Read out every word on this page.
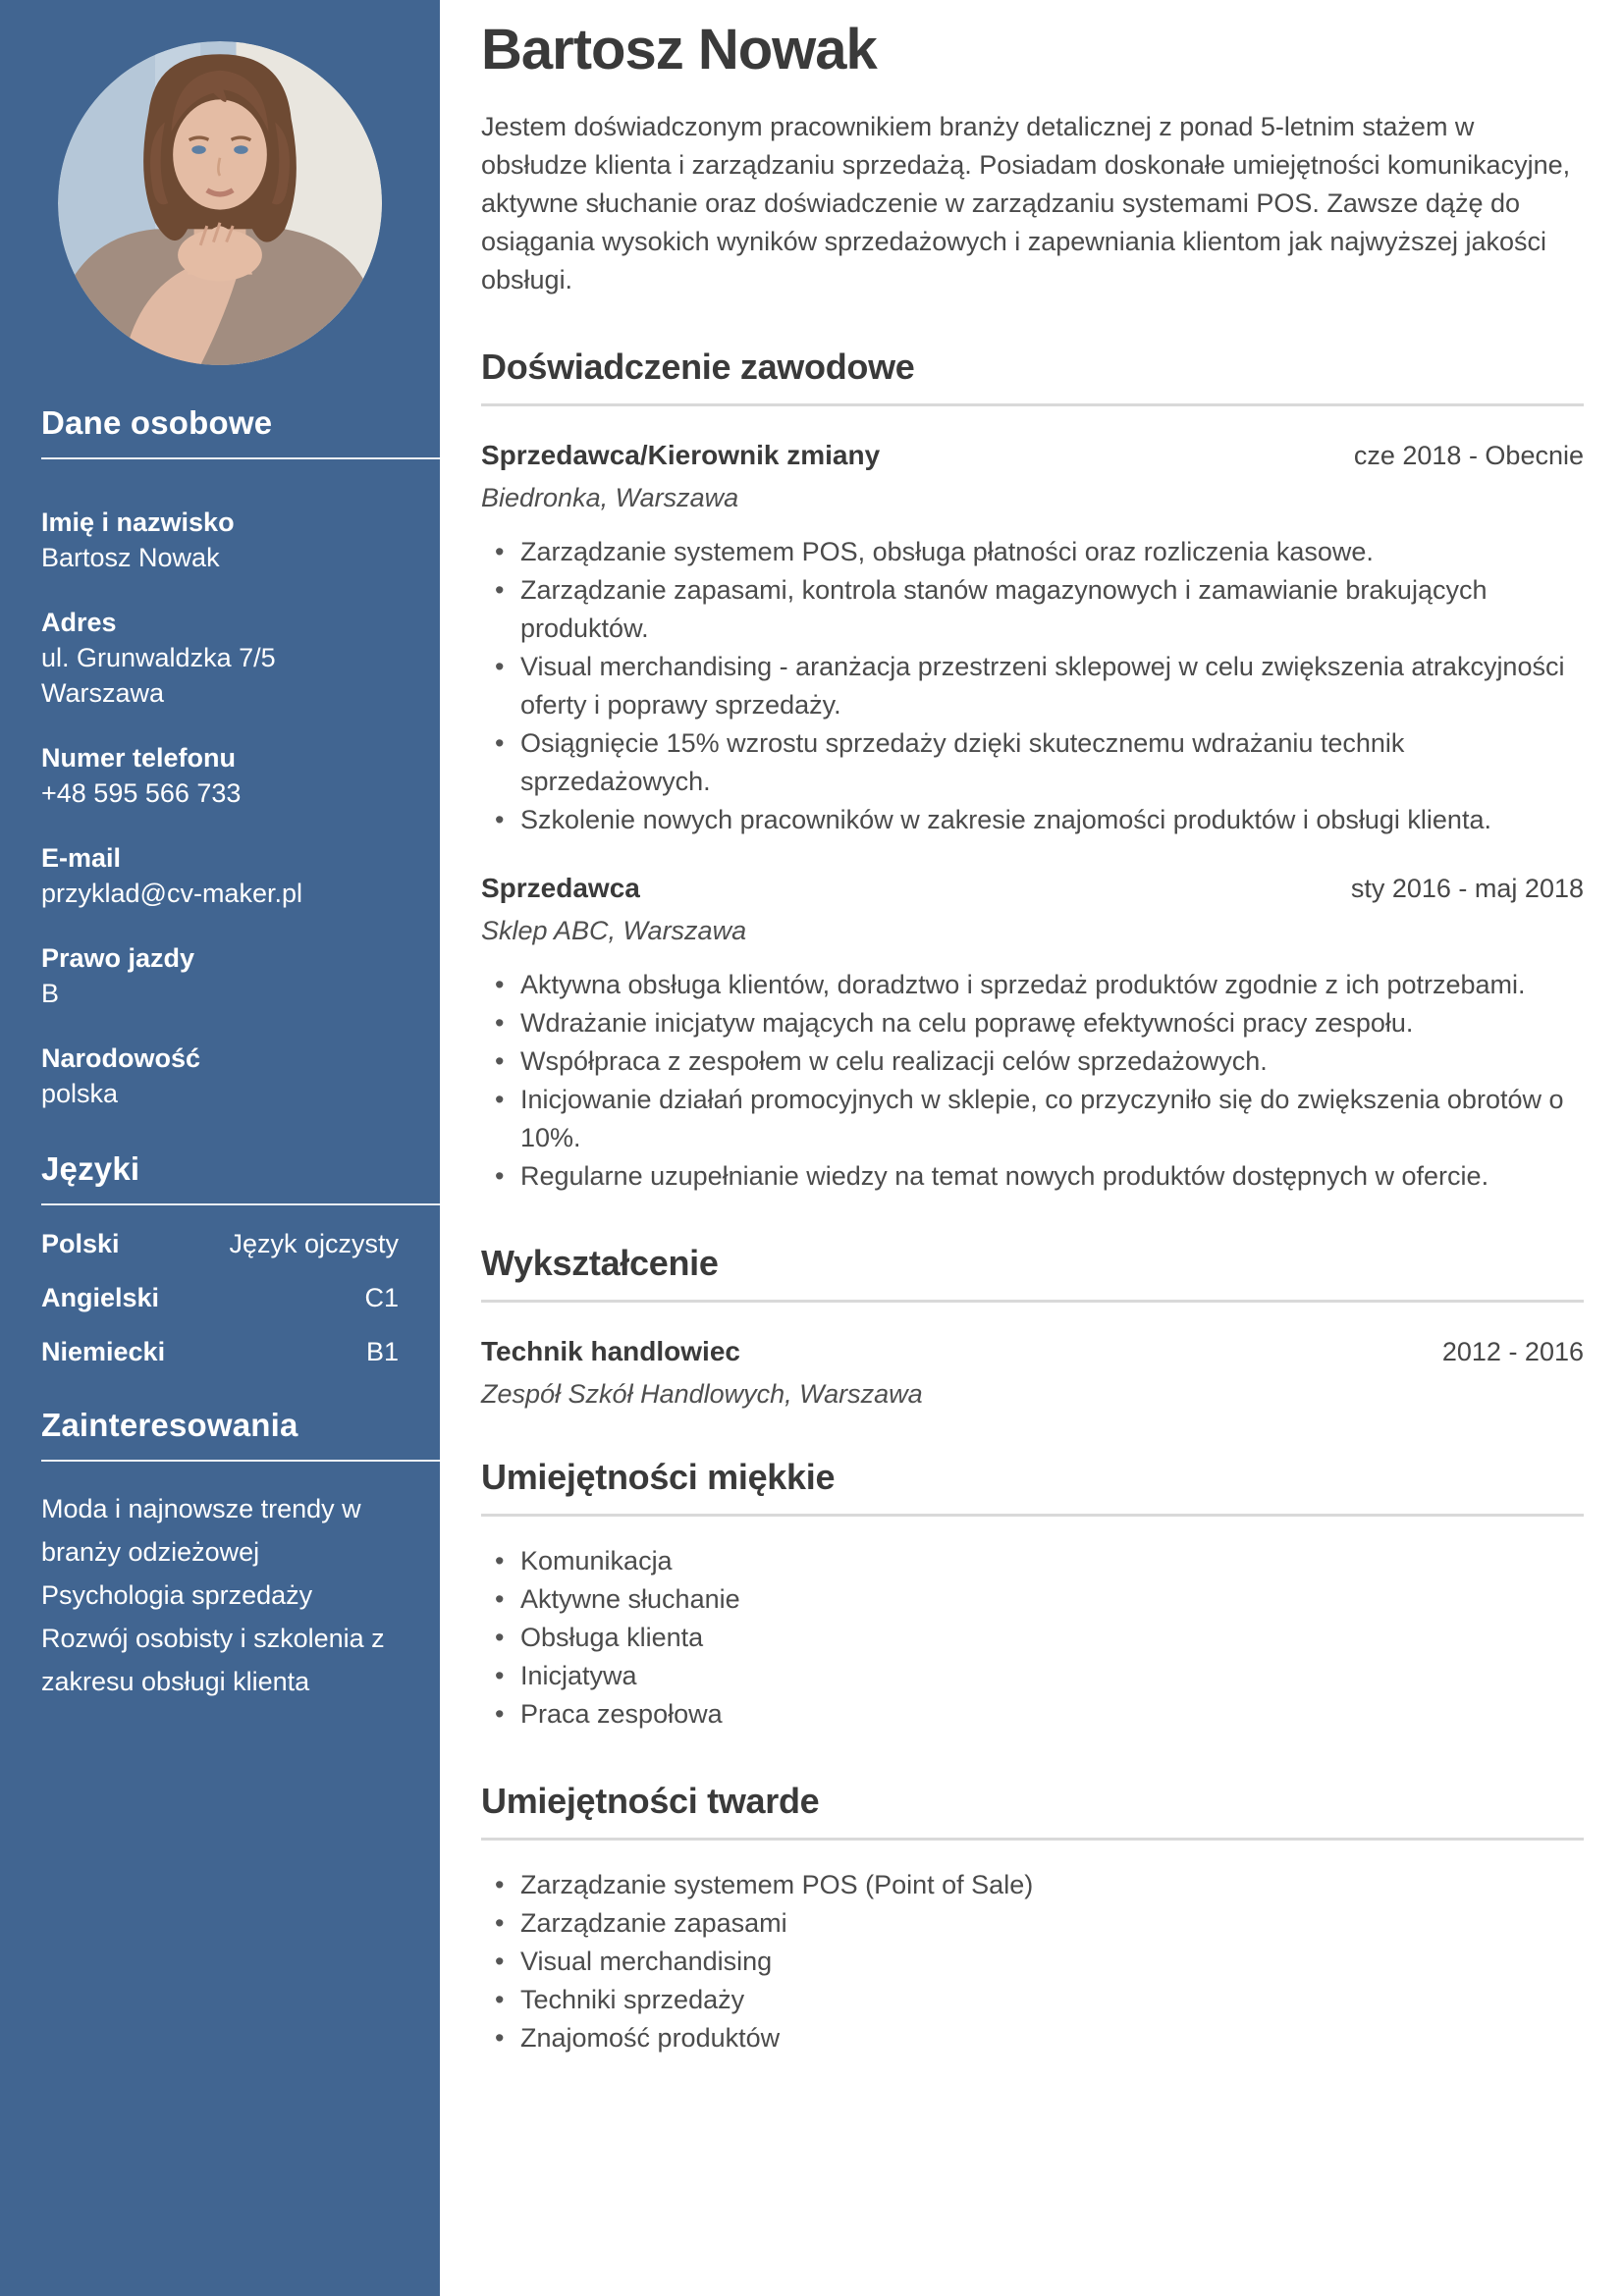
Dane osobowe
Imię i nazwisko
Bartosz Nowak
Adres
ul. Grunwaldzka 7/5
Warszawa
Numer telefonu
+48 595 566 733
E-mail
przyklad@cv-maker.pl
Prawo jazdy
B
Narodowość
polska
Języki
Polski	Język ojczysty
Angielski	C1
Niemiecki	B1
Zainteresowania
Moda i najnowsze trendy w branży odzieżowej
Psychologia sprzedaży
Rozwój osobisty i szkolenia z zakresu obsługi klienta
Bartosz Nowak

Jestem doświadczonym pracownikiem branży detalicznej z ponad 5-letnim stażem w obsłudze klienta i zarządzaniu sprzedażą. Posiadam doskonałe umiejętności komunikacyjne, aktywne słuchanie oraz doświadczenie w zarządzaniu systemami POS. Zawsze dążę do osiągania wysokich wyników sprzedażowych i zapewniania klientom jak najwyższej jakości obsługi.

Doświadczenie zawodowe
Sprzedawca/Kierownik zmiany	cze 2018 - Obecnie
Biedronka, Warszawa
• Zarządzanie systemem POS, obsługa płatności oraz rozliczenia kasowe.
• Zarządzanie zapasami, kontrola stanów magazynowych i zamawianie brakujących produktów.
• Visual merchandising - aranżacja przestrzeni sklepowej w celu zwiększenia atrakcyjności oferty i poprawy sprzedaży.
• Osiągnięcie 15% wzrostu sprzedaży dzięki skutecznemu wdrażaniu technik sprzedażowych.
• Szkolenie nowych pracowników w zakresie znajomości produktów i obsługi klienta.
Sprzedawca	sty 2016 - maj 2018
Sklep ABC, Warszawa
• Aktywna obsługa klientów, doradztwo i sprzedaż produktów zgodnie z ich potrzebami.
• Wdrażanie inicjatyw mających na celu poprawę efektywności pracy zespołu.
• Współpraca z zespołem w celu realizacji celów sprzedażowych.
• Inicjowanie działań promocyjnych w sklepie, co przyczyniło się do zwiększenia obrotów o 10%.
• Regularne uzupełnianie wiedzy na temat nowych produktów dostępnych w ofercie.
Wykształcenie
Technik handlowiec	2012 - 2016
Zespół Szkół Handlowych, Warszawa
Umiejętności miękkie
• Komunikacja
• Aktywne słuchanie
• Obsługa klienta
• Inicjatywa
• Praca zespołowa
Umiejętności twarde
• Zarządzanie systemem POS (Point of Sale)
• Zarządzanie zapasami
• Visual merchandising
• Techniki sprzedaży
• Znajomość produktów
